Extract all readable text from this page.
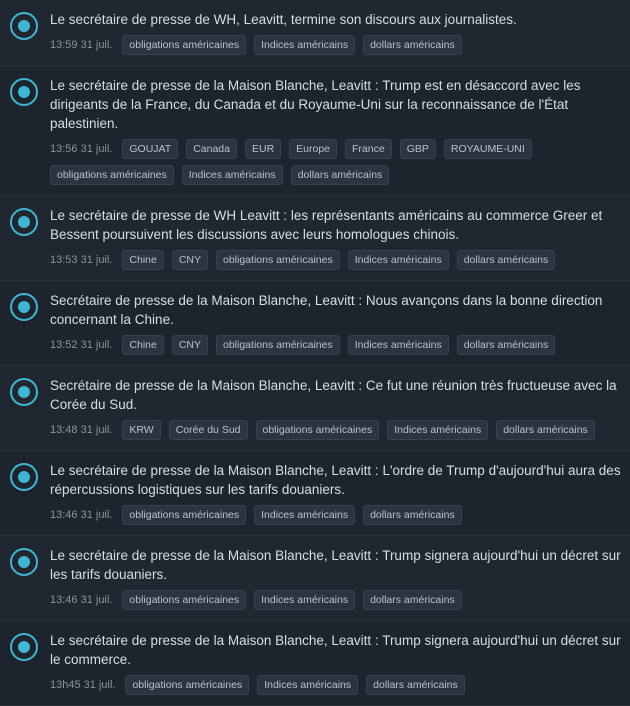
Le secrétaire de presse de WH, Leavitt, termine son discours aux journalistes.

13:59 31 juil.	obligations américaines	Indices américains	dollars américains

Le secrétaire de presse de la Maison Blanche, Leavitt : Trump est en désaccord avec les dirigeants de la France, du Canada et du Royaume-Uni sur la reconnaissance de l'État palestinien.

13:56 31 juil.	GOUJAT	Canada	EUR	Europe	France	GBP	ROYAUME-UNI
obligations américaines	Indices américains	dollars américains

Le secrétaire de presse de WH Leavitt : les représentants américains au commerce Greer et Bessent poursuivent les discussions avec leurs homologues chinois.

13:53 31 juil.	Chine	CNY	obligations américaines	Indices américains	dollars américains

Secrétaire de presse de la Maison Blanche, Leavitt : Nous avançons dans la bonne direction concernant la Chine.

13:52 31 juil.	Chine	CNY	obligations américaines	Indices américains	dollars américains

Secrétaire de presse de la Maison Blanche, Leavitt : Ce fut une réunion très fructueuse avec la Corée du Sud.

13:48 31 juil.	KRW	Corée du Sud	obligations américaines	Indices américains	dollars américains

Le secrétaire de presse de la Maison Blanche, Leavitt : L'ordre de Trump d'aujourd'hui aura des répercussions logistiques sur les tarifs douaniers.

13:46 31 juil.	obligations américaines	Indices américains	dollars américains

Le secrétaire de presse de la Maison Blanche, Leavitt : Trump signera aujourd'hui un décret sur les tarifs douaniers.

13:46 31 juil.	obligations américaines	Indices américains	dollars américains

Le secrétaire de presse de la Maison Blanche, Leavitt : Trump signera aujourd'hui un décret sur le commerce.

13h45 31 juil.	obligations américaines	Indices américains	dollars américains
